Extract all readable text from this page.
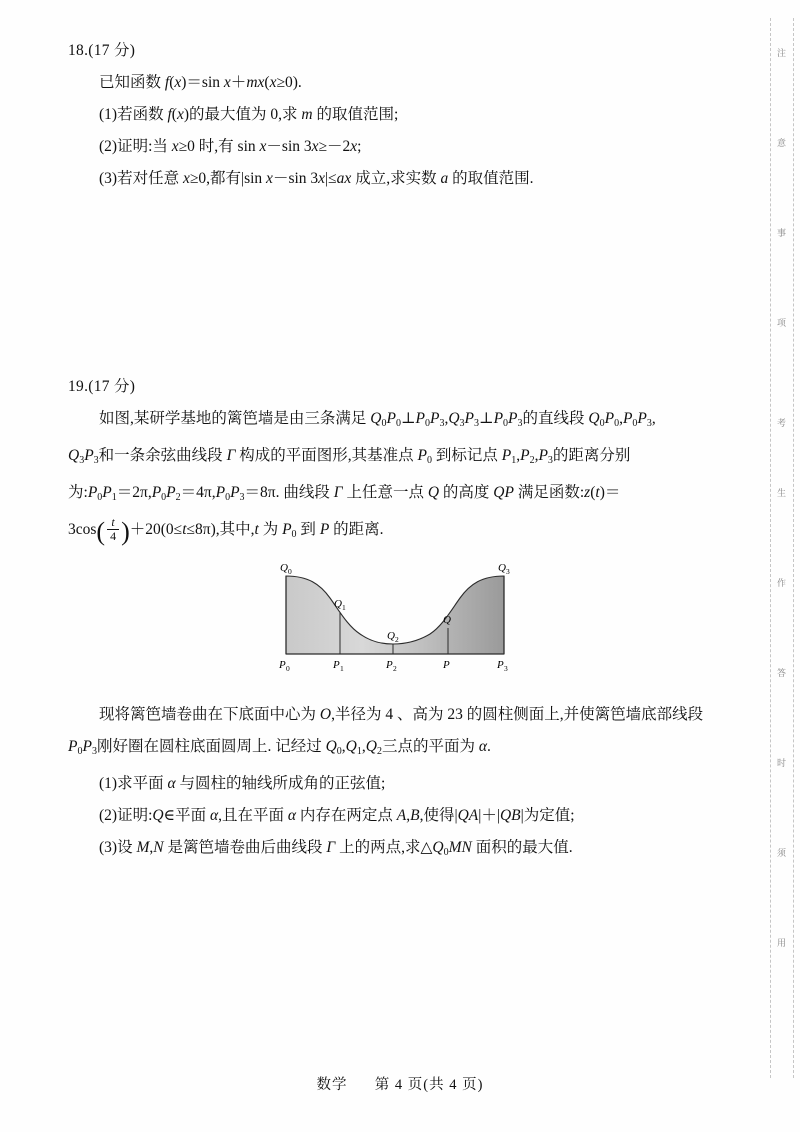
注
意
事
项
考
生
作
答
时
须
用
18.(17 分)
已知函数 f(x)＝sin x＋mx(x≥0).
(1)若函数 f(x)的最大值为 0,求 m 的取值范围;
(2)证明:当 x≥0 时,有 sin x－sin 3x≥－2x;
(3)若对任意 x≥0,都有|sin x－sin 3x|≤ax 成立,求实数 a 的取值范围.
19.(17 分)
如图,某研学基地的篱笆墙是由三条满足 $Q_0P_0\perp P_0P_3,Q_3P_3\perp P_0P_3$的直线段 $Q_0P_0,P_0P_3$,
$Q_3P_3$和一条余弦曲线段 Γ 构成的平面图形,其基准点 $P_0$ 到标记点 $P_1,P_2,P_3$的距离分别
为$:P_0P_1=2\pi,P_0P_2=4\pi,P_0P_3=8\pi$. 曲线段 Γ 上任意一点 Q 的高度 QP 满足函数:z(t)＝
$3\cos( \frac{t}{4} )+20(0\le t\le 8\pi)$,其中,t 为 $P_0$ 到 P 的距离.
Q 0
Q 1
Q 2
Q
Q 3
P 0	P 1	P 2	P	P 3
现将篱笆墙卷曲在下底面中心为 O,半径为 4 、高为 23 的圆柱侧面上,并使篱笆墙底部线段
$P_0P_3$刚好圈在圆柱底面圆周上. 记经过 $Q_0,Q_1,Q_2$三点的平面为 α.
(1)求平面 α 与圆柱的轴线所成角的正弦值;
(2)证明:Q∈平面 α,且在平面 α 内存在两定点 A,B,使得|QA|＋|QB|为定值;
(3)设 M,N 是篱笆墙卷曲后曲线段 Γ 上的两点,求$\triangle Q_0MN$ 面积的最大值.
数学 第 4 页(共 4 页)
